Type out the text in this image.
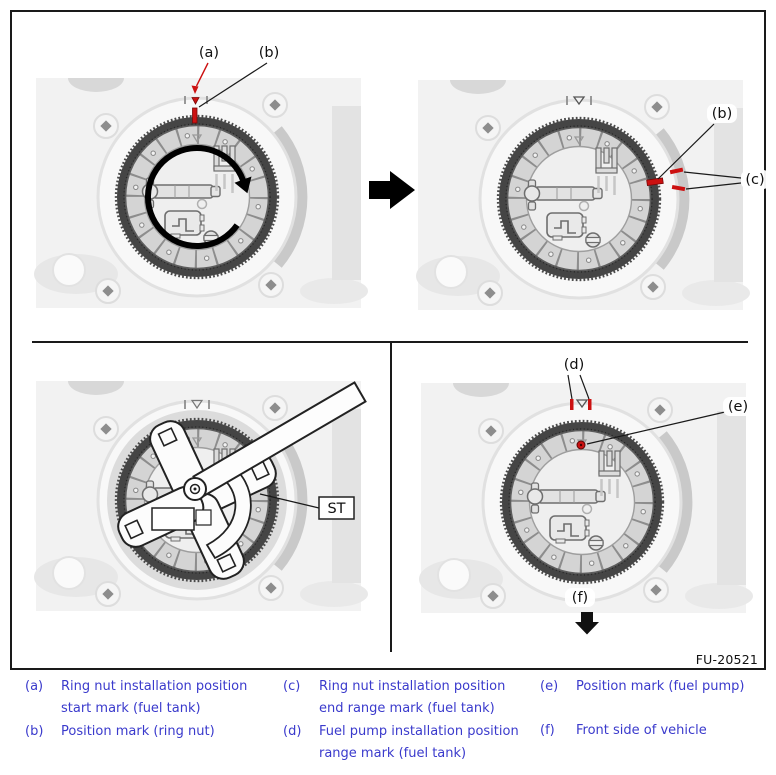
(a)	(b)
(b)
(c)
ST
(d)
(e)
(f)
FU-20521
(a)	Ring nut installation position
start mark (fuel tank)
(b)	Position mark (ring nut)
(c)	Ring nut installation position
end range mark (fuel tank)
(d)	Fuel pump installation position
range mark (fuel tank)
(e)	Position mark (fuel pump)
(f)	Front side of vehicle
